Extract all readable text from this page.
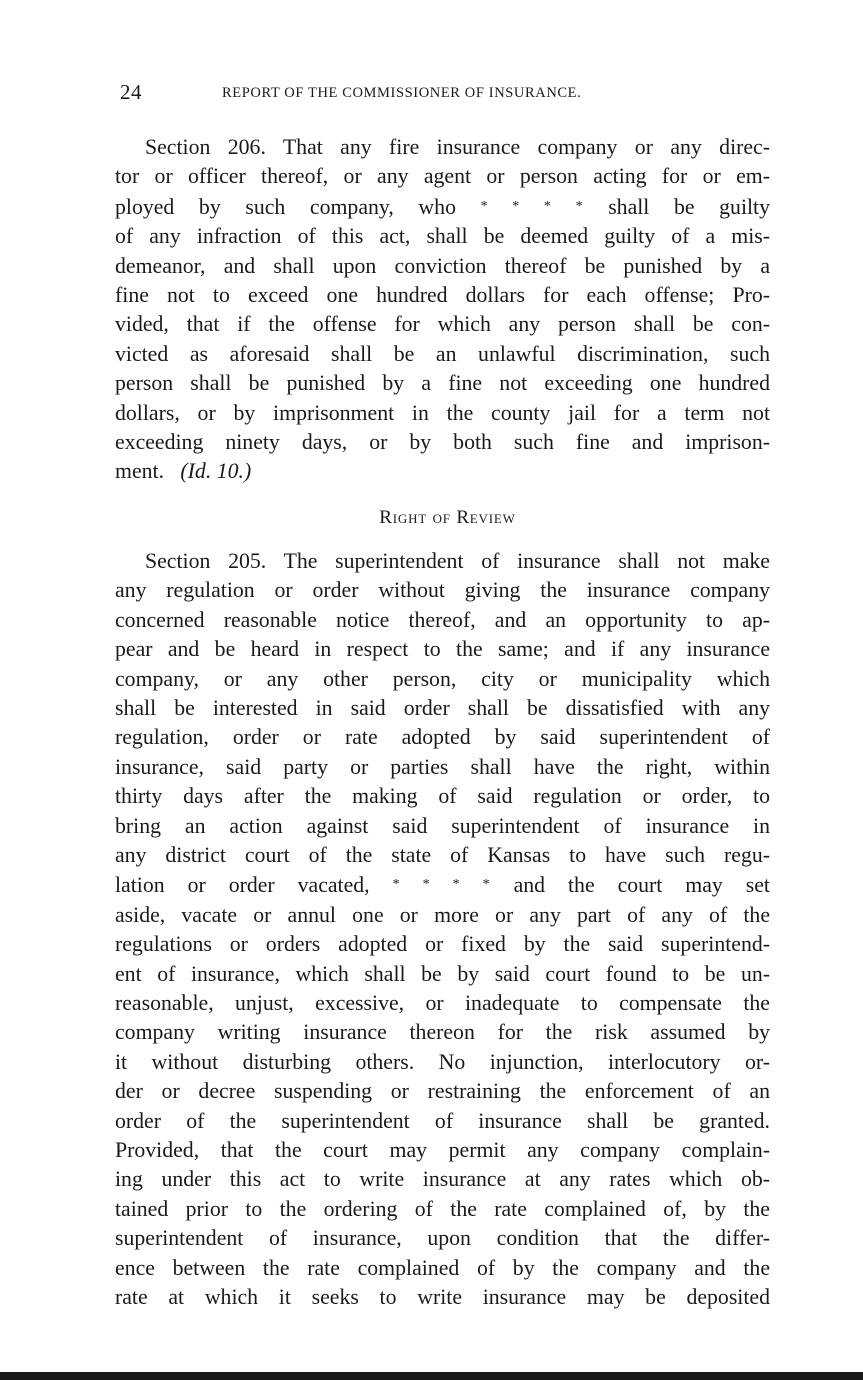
24	REPORT OF THE COMMISSIONER OF INSURANCE.

Section 206. That any fire insurance company or any direc-
tor or officer thereof, or any agent or person acting for or em-
ployed by such company, who * * * * shall be guilty
of any infraction of this act, shall be deemed guilty of a mis-
demeanor, and shall upon conviction thereof be punished by a
fine not to exceed one hundred dollars for each offense; Pro-
vided, that if the offense for which any person shall be con-
victed as aforesaid shall be an unlawful discrimination, such
person shall be punished by a fine not exceeding one hundred
dollars, or by imprisonment in the county jail for a term not
exceeding ninety days, or by both such fine and imprison-
ment. (Id. 10.)

Right of Review

Section 205. The superintendent of insurance shall not make
any regulation or order without giving the insurance company
concerned reasonable notice thereof, and an opportunity to ap-
pear and be heard in respect to the same; and if any insurance
company, or any other person, city or municipality which
shall be interested in said order shall be dissatisfied with any
regulation, order or rate adopted by said superintendent of
insurance, said party or parties shall have the right, within
thirty days after the making of said regulation or order, to
bring an action against said superintendent of insurance in
any district court of the state of Kansas to have such regu-
lation or order vacated, * * * * and the court may set
aside, vacate or annul one or more or any part of any of the
regulations or orders adopted or fixed by the said superintend-
ent of insurance, which shall be by said court found to be un-
reasonable, unjust, excessive, or inadequate to compensate the
company writing insurance thereon for the risk assumed by
it without disturbing others. No injunction, interlocutory or-
der or decree suspending or restraining the enforcement of an
order of the superintendent of insurance shall be granted.
Provided, that the court may permit any company complain-
ing under this act to write insurance at any rates which ob-
tained prior to the ordering of the rate complained of, by the
superintendent of insurance, upon condition that the differ-
ence between the rate complained of by the company and the
rate at which it seeks to write insurance may be deposited
